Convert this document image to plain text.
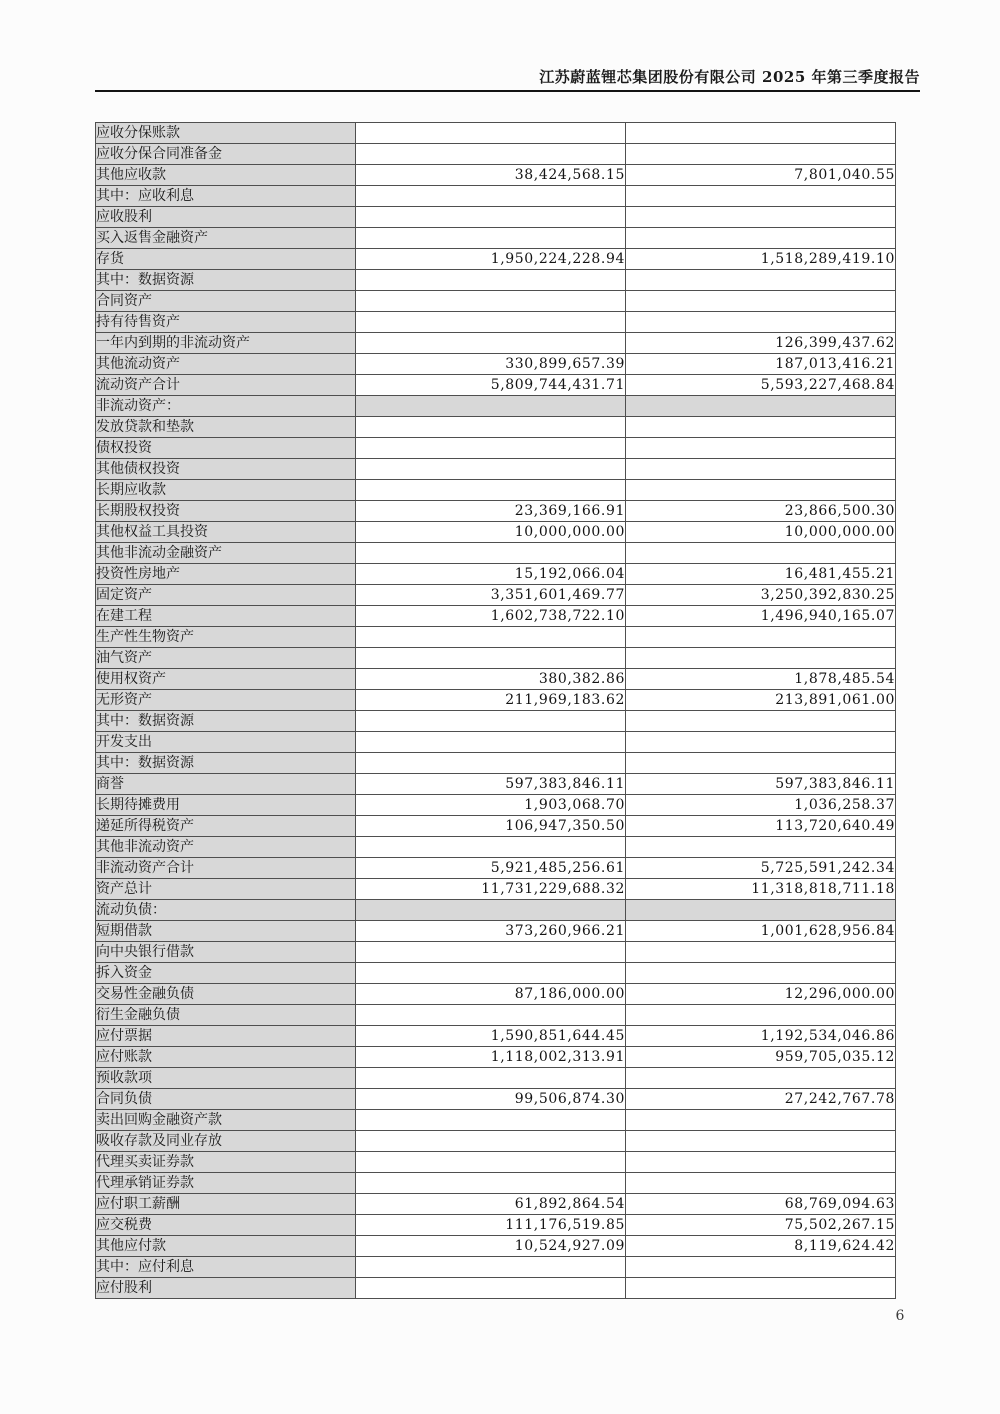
江苏蔚蓝锂芯集团股份有限公司 2025 年第三季度报告
应收分保账款		
应收分保合同准备金		
其他应收款	38,424,568.15	7,801,040.55
其中：应收利息		
应收股利		
买入返售金融资产		
存货	1,950,224,228.94	1,518,289,419.10
其中：数据资源		
合同资产		
持有待售资产		
一年内到期的非流动资产		126,399,437.62
其他流动资产	330,899,657.39	187,013,416.21
流动资产合计	5,809,744,431.71	5,593,227,468.84
非流动资产：		
发放贷款和垫款		
债权投资		
其他债权投资		
长期应收款		
长期股权投资	23,369,166.91	23,866,500.30
其他权益工具投资	10,000,000.00	10,000,000.00
其他非流动金融资产		
投资性房地产	15,192,066.04	16,481,455.21
固定资产	3,351,601,469.77	3,250,392,830.25
在建工程	1,602,738,722.10	1,496,940,165.07
生产性生物资产		
油气资产		
使用权资产	380,382.86	1,878,485.54
无形资产	211,969,183.62	213,891,061.00
其中：数据资源		
开发支出		
其中：数据资源		
商誉	597,383,846.11	597,383,846.11
长期待摊费用	1,903,068.70	1,036,258.37
递延所得税资产	106,947,350.50	113,720,640.49
其他非流动资产		
非流动资产合计	5,921,485,256.61	5,725,591,242.34
资产总计	11,731,229,688.32	11,318,818,711.18
流动负债：		
短期借款	373,260,966.21	1,001,628,956.84
向中央银行借款		
拆入资金		
交易性金融负债	87,186,000.00	12,296,000.00
衍生金融负债		
应付票据	1,590,851,644.45	1,192,534,046.86
应付账款	1,118,002,313.91	959,705,035.12
预收款项		
合同负债	99,506,874.30	27,242,767.78
卖出回购金融资产款		
吸收存款及同业存放		
代理买卖证券款		
代理承销证券款		
应付职工薪酬	61,892,864.54	68,769,094.63
应交税费	111,176,519.85	75,502,267.15
其他应付款	10,524,927.09	8,119,624.42
其中：应付利息		
应付股利		
6
